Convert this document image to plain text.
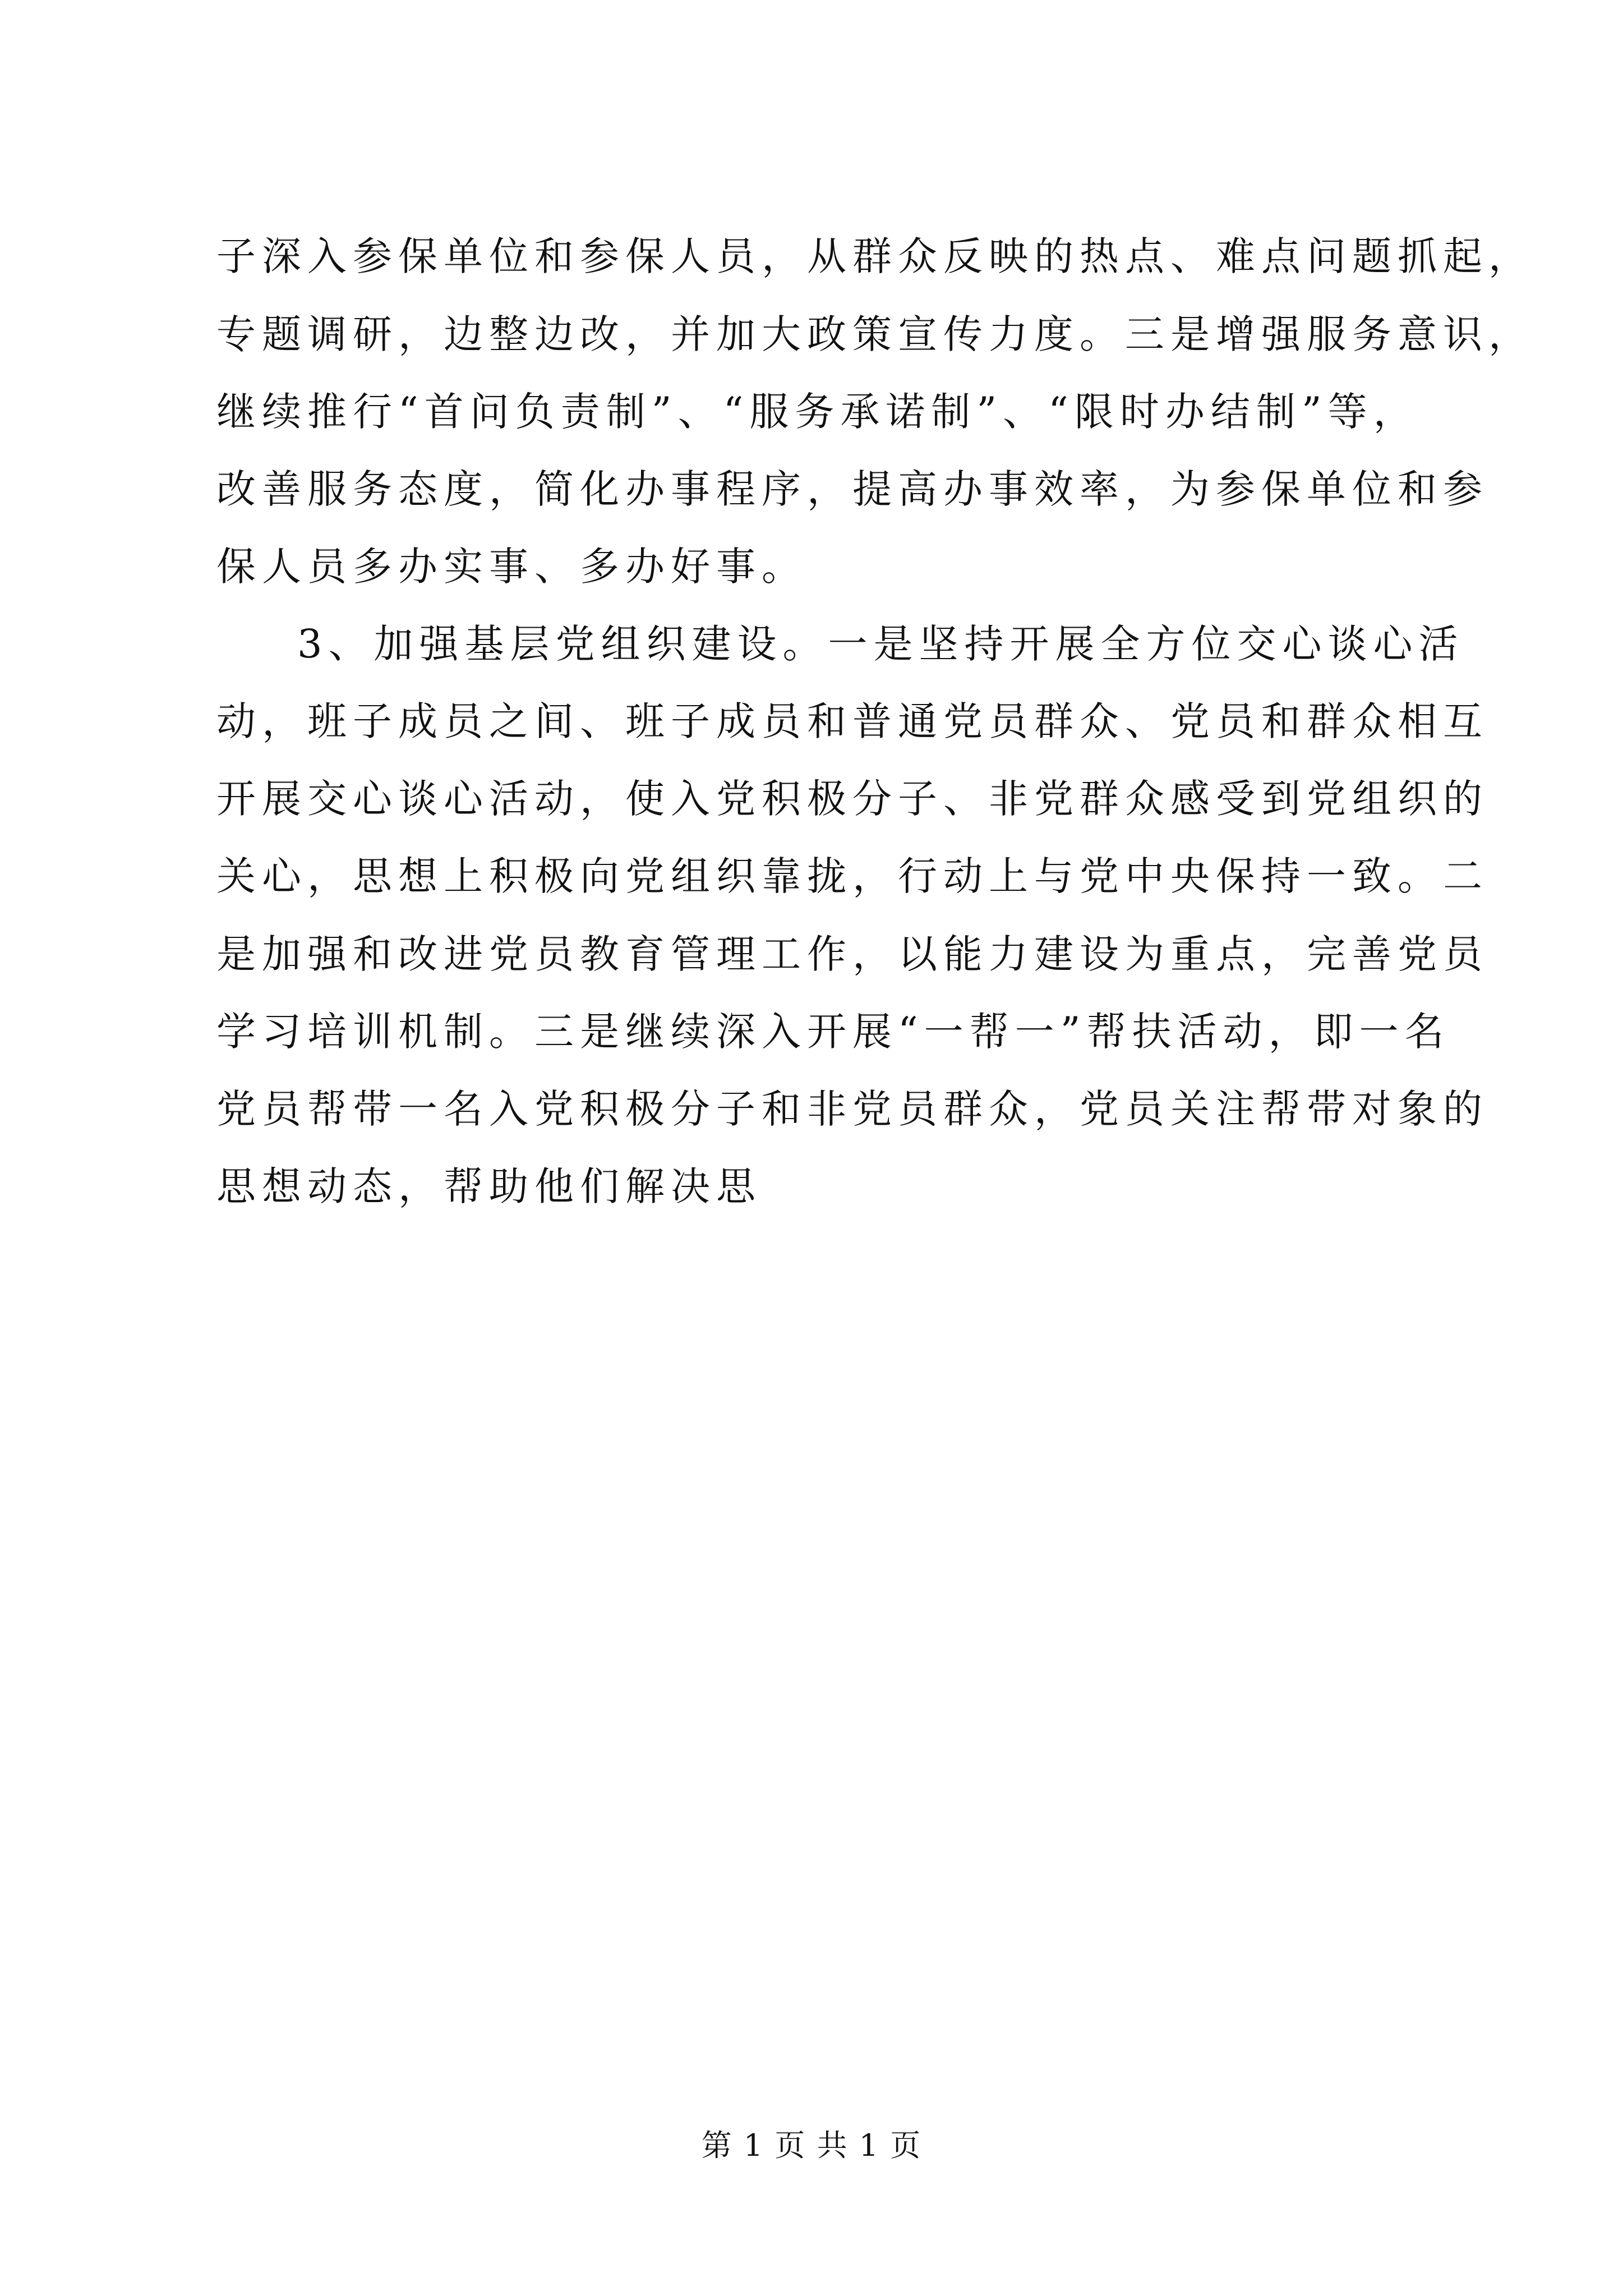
子深入参保单位和参保人员，从群众反映的热点、难点问题抓起，
专题调研，边整边改，并加大政策宣传力度。三是增强服务意识，
继续推行“首问负责制”、“服务承诺制”、“限时办结制”等，
改善服务态度，简化办事程序，提高办事效率，为参保单位和参
保人员多办实事、多办好事。
3、加强基层党组织建设。一是坚持开展全方位交心谈心活
动，班子成员之间、班子成员和普通党员群众、党员和群众相互
开展交心谈心活动，使入党积极分子、非党群众感受到党组织的
关心，思想上积极向党组织靠拢，行动上与党中央保持一致。二
是加强和改进党员教育管理工作，以能力建设为重点，完善党员
学习培训机制。三是继续深入开展“一帮一”帮扶活动，即一名
党员帮带一名入党积极分子和非党员群众，党员关注帮带对象的
思想动态，帮助他们解决思
第 1 页 共 1 页
